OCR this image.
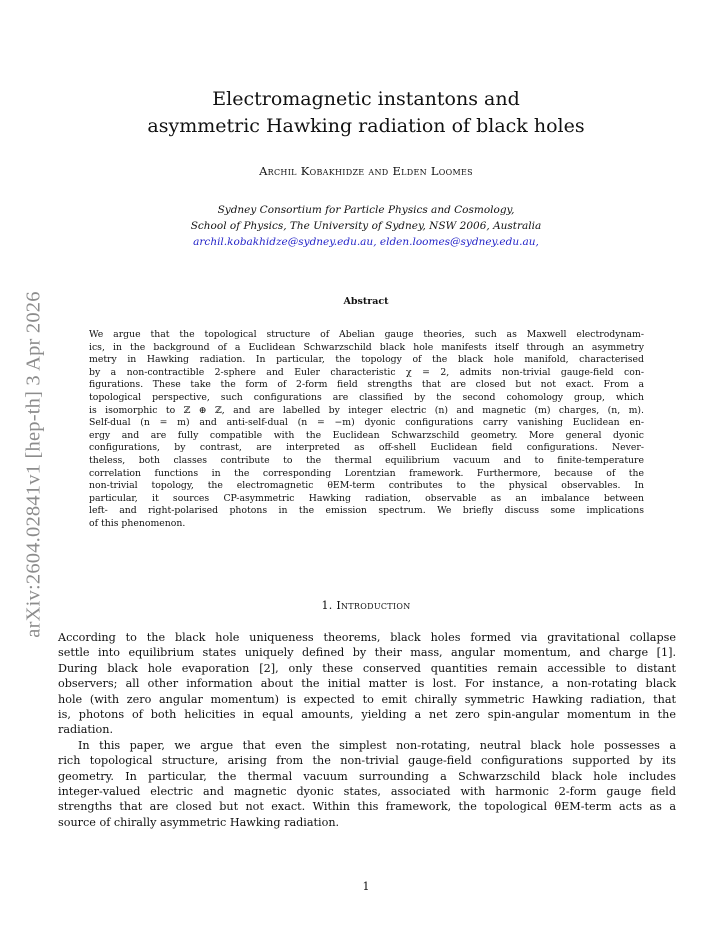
arXiv:2604.02841v1 [hep-th] 3 Apr 2026
Electromagnetic instantons and
asymmetric Hawking radiation of black holes
Archil Kobakhidze and Elden Loomes
Sydney Consortium for Particle Physics and Cosmology,
School of Physics, The University of Sydney, NSW 2006, Australia
archil.kobakhidze@sydney.edu.au, elden.loomes@sydney.edu.au,
Abstract
We argue that the topological structure of Abelian gauge theories, such as Maxwell electrodynam-
ics, in the background of a Euclidean Schwarzschild black hole manifests itself through an asymmetry
metry in Hawking radiation. In particular, the topology of the black hole manifold, characterised
by a non-contractible 2-sphere and Euler characteristic χ = 2, admits non-trivial gauge-field con-
figurations. These take the form of 2-form field strengths that are closed but not exact. From a
topological perspective, such configurations are classified by the second cohomology group, which
is isomorphic to ℤ ⊕ ℤ, and are labelled by integer electric (n) and magnetic (m) charges, (n, m).
Self-dual (n = m) and anti-self-dual (n = −m) dyonic configurations carry vanishing Euclidean en-
ergy and are fully compatible with the Euclidean Schwarzschild geometry. More general dyonic
configurations, by contrast, are interpreted as off-shell Euclidean field configurations. Never-
theless, both classes contribute to the thermal equilibrium vacuum and to finite-temperature
correlation functions in the corresponding Lorentzian framework. Furthermore, because of the
non-trivial topology, the electromagnetic θEM-term contributes to the physical observables. In
particular, it sources CP-asymmetric Hawking radiation, observable as an imbalance between
left- and right-polarised photons in the emission spectrum. We briefly discuss some implications
of this phenomenon.
1. Introduction
According to the black hole uniqueness theorems, black holes formed via gravitational collapse
settle into equilibrium states uniquely defined by their mass, angular momentum, and charge [1].
During black hole evaporation [2], only these conserved quantities remain accessible to distant
observers; all other information about the initial matter is lost. For instance, a non-rotating black
hole (with zero angular momentum) is expected to emit chirally symmetric Hawking radiation, that
is, photons of both helicities in equal amounts, yielding a net zero spin-angular momentum in the
radiation.
In this paper, we argue that even the simplest non-rotating, neutral black hole possesses a
rich topological structure, arising from the non-trivial gauge-field configurations supported by its
geometry. In particular, the thermal vacuum surrounding a Schwarzschild black hole includes
integer-valued electric and magnetic dyonic states, associated with harmonic 2-form gauge field
strengths that are closed but not exact. Within this framework, the topological θEM-term acts as a
source of chirally asymmetric Hawking radiation.
1
